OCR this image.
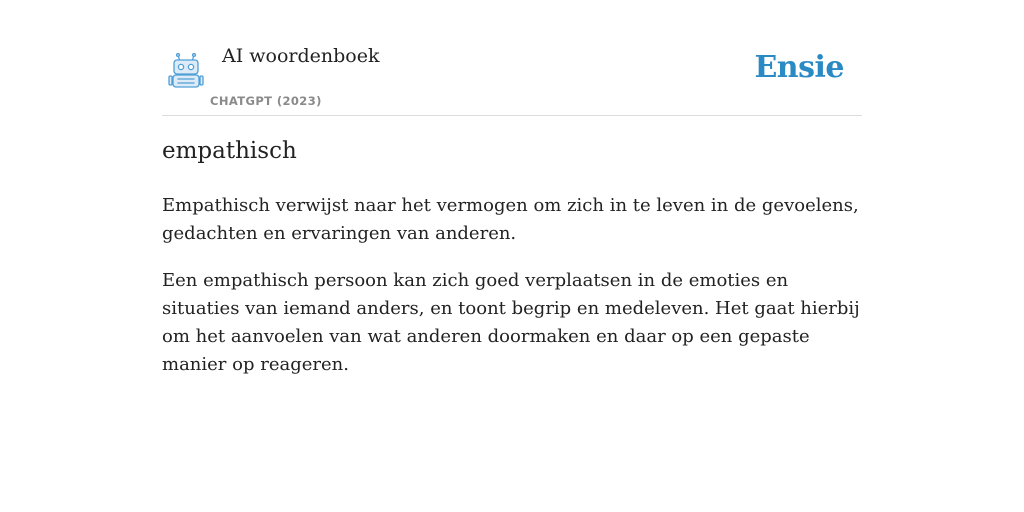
AI woordenboek
CHATGPT (2023)
Ensie
empathisch

Empathisch verwijst naar het vermogen om zich in te leven in de gevoelens, gedachten en ervaringen van anderen.

Een empathisch persoon kan zich goed verplaatsen in de emoties en situaties van iemand anders, en toont begrip en medeleven. Het gaat hierbij om het aanvoelen van wat anderen doormaken en daar op een gepaste manier op reageren.
